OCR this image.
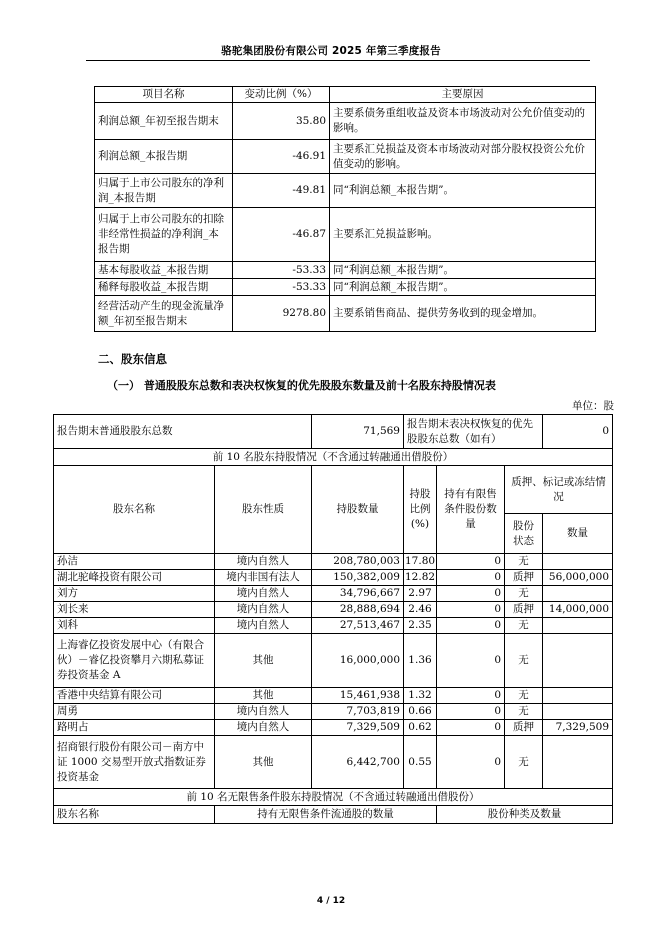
骆驼集团股份有限公司 2025 年第三季度报告
项目名称	变动比例（%）	主要原因
利润总额_年初至报告期末	35.80	主要系债务重组收益及资本市场波动对公允价值变动的影响。
利润总额_本报告期	-46.91	主要系汇兑损益及资本市场波动对部分股权投资公允价值变动的影响。
归属于上市公司股东的净利润_本报告期	-49.81	同“利润总额_本报告期”。
归属于上市公司股东的扣除非经常性损益的净利润_本报告期	-46.87	主要系汇兑损益影响。
基本每股收益_本报告期	-53.33	同“利润总额_本报告期”。
稀释每股收益_本报告期	-53.33	同“利润总额_本报告期”。
经营活动产生的现金流量净额_年初至报告期末	9278.80	主要系销售商品、提供劳务收到的现金增加。
二、股东信息
（一） 普通股股东总数和表决权恢复的优先股股东数量及前十名股东持股情况表
单位：股
报告期末普通股股东总数		71,569	报告期末表决权恢复的优先股股东总数（如有）			0
前 10 名股东持股情况（不含通过转融通出借股份）						
股东名称	股东性质	持股数量	持股比例(%)	持有有限售条件股份数量	质押、标记或冻结情况	
					股份状态	数量
孙洁	境内自然人	208,780,003	17.80	0	无	
湖北驼峰投资有限公司	境内非国有法人	150,382,009	12.82	0	质押	56,000,000
刘方	境内自然人	34,796,667	2.97	0	无	
刘长来	境内自然人	28,888,694	2.46	0	质押	14,000,000
刘科	境内自然人	27,513,467	2.35	0	无	
上海睿亿投资发展中心（有限合伙）－睿亿投资攀月六期私募证券投资基金 A	其他	16,000,000	1.36	0	无	
香港中央结算有限公司	其他	15,461,938	1.32	0	无	
周勇	境内自然人	7,703,819	0.66	0	无	
路明占	境内自然人	7,329,509	0.62	0	质押	7,329,509
招商银行股份有限公司－南方中证 1000 交易型开放式指数证券投资基金	其他	6,442,700	0.55	0	无	
前 10 名无限售条件股东持股情况（不含通过转融通出借股份）						
股东名称	持有无限售条件流通股的数量			股份种类及数量		
4 / 12
